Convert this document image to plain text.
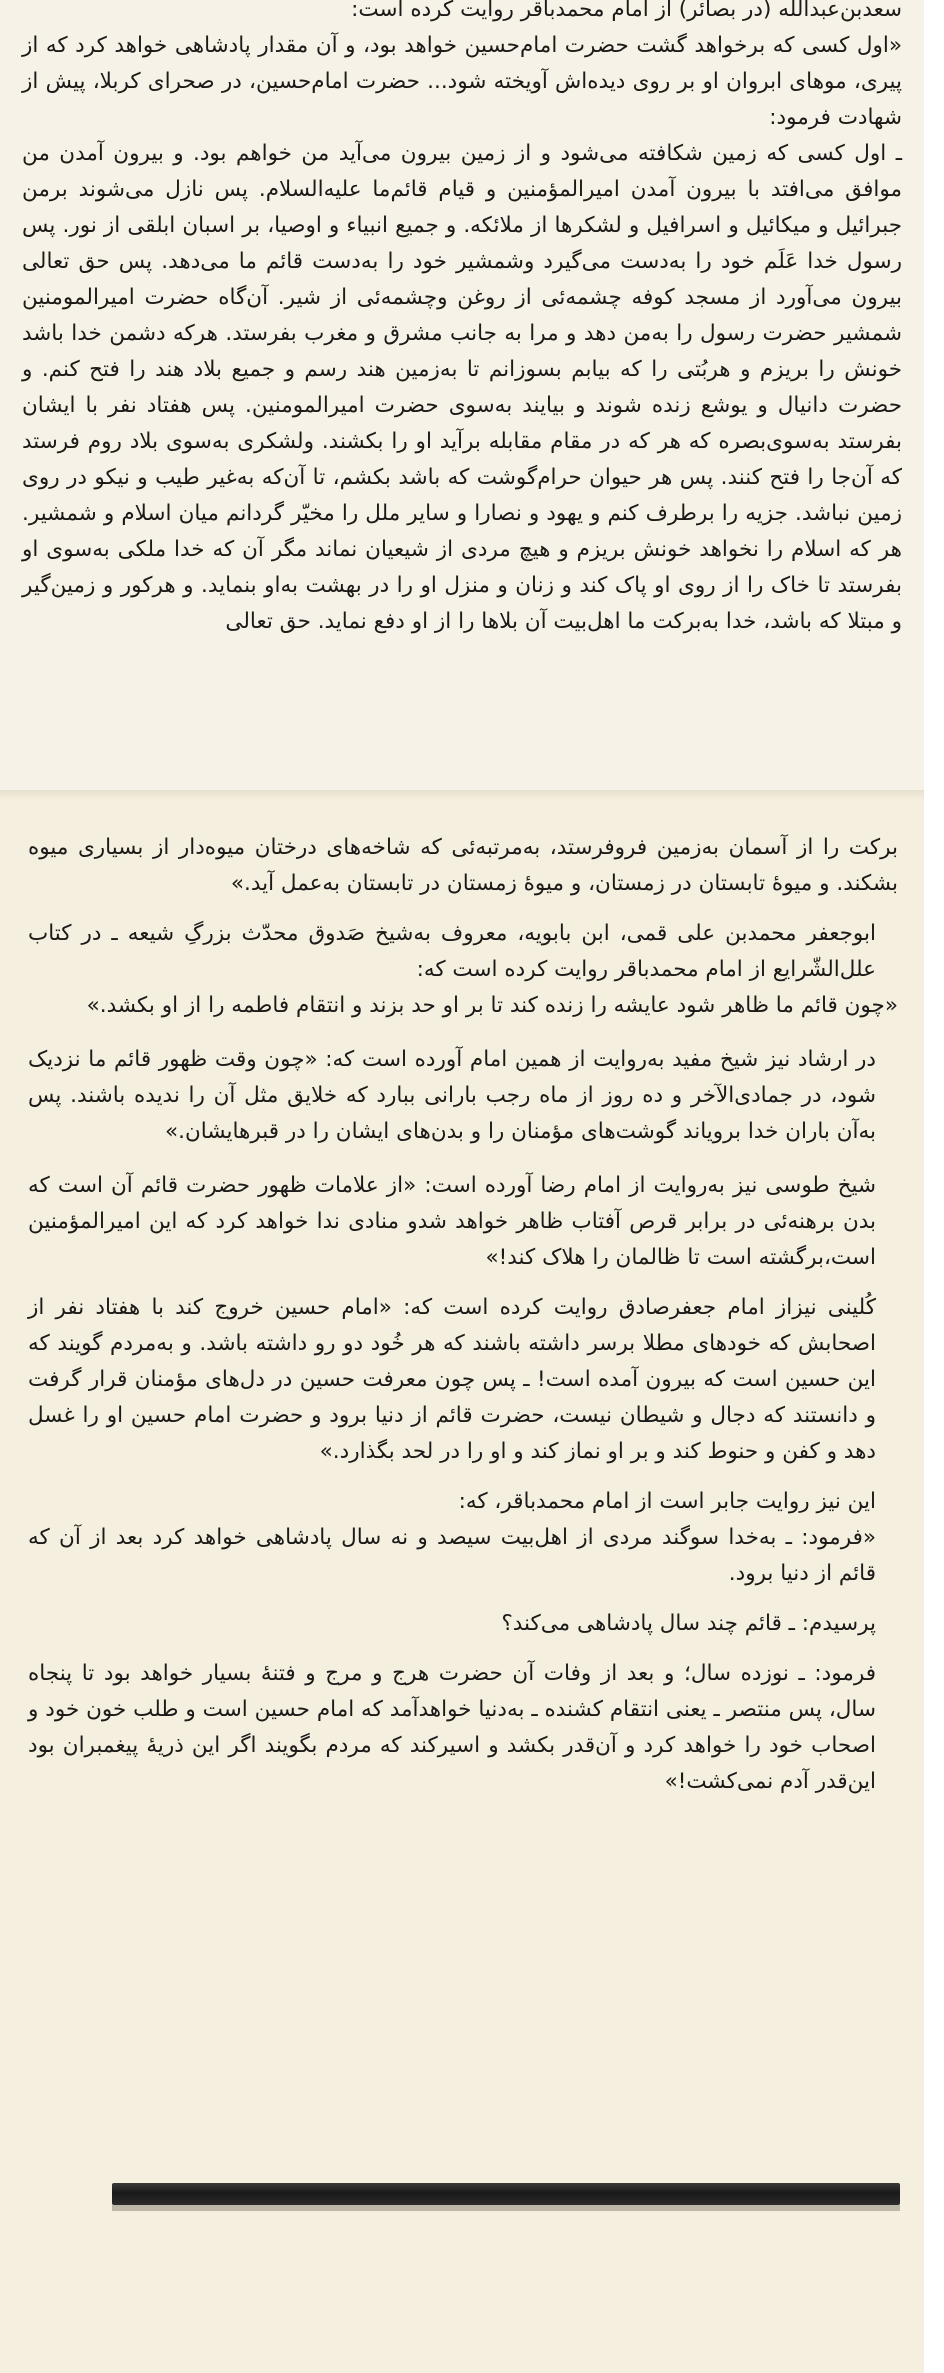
سعدبن‌عبدالله (در بصائر) از امام محمدباقر روایت کرده است:

«اول کسی که برخواهد گشت حضرت امام‌حسین خواهد بود، و آن مقدار پادشاهی خواهد کرد که از پیری، موهای ابروان او بر روی دیده‌اش آویخته شود... حضرت امام‌حسین، در صحرای کربلا، پیش از شهادت فرمود:

ـ اول کسی که زمین شکافته می‌شود و از زمین بیرون می‌آید من خواهم بود. و بیرون آمدن من موافق می‌افتد با بیرون آمدن امیرالمؤمنین و قیام قائم‌ما علیه‌السلام. پس نازل می‌شوند برمن جبرائیل و میکائیل و اسرافیل و لشکرها از ملائکه. و جمیع انبیاء و اوصیا، بر اسبان ابلقی از نور. پس رسول خدا عَلَم خود را به‌دست می‌گیرد وشمشیر خود را به‌دست قائم ما می‌دهد. پس حق تعالی بیرون می‌آورد از مسجد کوفه چشمه‌ئی از روغن وچشمه‌ئی از شیر. آن‌گاه حضرت امیرالمومنین شمشیر حضرت رسول را به‌من دهد و مرا به جانب مشرق و مغرب بفرستد. هرکه دشمن خدا باشد خونش را بریزم و هربُتی را که بیابم بسوزانم تا به‌زمین هند رسم و جمیع بلاد هند را فتح کنم. و حضرت دانیال و یوشع زنده شوند و بیایند به‌سوی حضرت امیرالمومنین. پس هفتاد نفر با ایشان بفرستد به‌سوی‌بصره که هر که در مقام مقابله برآید او را بکشند. ولشکری به‌سوی بلاد روم فرستد که آن‌جا را فتح کنند. پس هر حیوان حرام‌گوشت که باشد بکشم، تا آن‌که به‌غیر طیب و نیکو در روی زمین نباشد. جزیه را برطرف کنم و یهود و نصارا و سایر ملل را مخیّر گردانم میان اسلام و شمشیر. هر که اسلام را نخواهد خونش بریزم و هیچ مردی از شیعیان نماند مگر آن که خدا ملکی به‌سوی او بفرستد تا خاک را از روی او پاک کند و زنان و منزل او را در بهشت به‌او بنماید. و هرکور و زمین‌گیر و مبتلا که باشد، خدا به‌برکت ما اهل‌بیت آن بلاها را از او دفع نماید. حق تعالی

برکت را از آسمان به‌زمین فروفرستد، به‌مرتبه‌ئی که شاخه‌های درختان میوه‌دار از بسیاری میوه بشکند. و میوهٔ تابستان در زمستان، و میوهٔ زمستان در تابستان به‌عمل آید.»

ابوجعفر محمدبن علی قمی، ابن بابویه، معروف به‌شیخ صَدوق محدّث بزرگِ شیعه ـ در کتاب علل‌الشّرایع از امام محمدباقر روایت کرده است که:

«چون قائم ما ظاهر شود عایشه را زنده کند تا بر او حد بزند و انتقام فاطمه را از او بکشد.»

در ارشاد نیز شیخ مفید به‌روایت از همین امام آورده است که: «چون وقت ظهور قائم ما نزدیک شود، در جمادی‌الآخر و ده روز از ماه رجب بارانی ببارد که خلایق مثل آن را ندیده باشند. پس به‌آن باران خدا برویاند گوشت‌های مؤمنان را و بدن‌های ایشان را در قبرهایشان.»

شیخ طوسی نیز به‌روایت از امام رضا آورده است: «از علامات ظهور حضرت قائم آن است که بدن برهنه‌ئی در برابر قرص آفتاب ظاهر خواهد شدو منادی ندا خواهد کرد که این امیرالمؤمنین است،برگشته است تا ظالمان را هلاک کند!»

کُلینی نیزاز امام جعفرصادق روایت کرده است که: «امام حسین خروج کند با هفتاد نفر از اصحابش که خودهای مطلا برسر داشته باشند که هر خُود دو رو داشته باشد. و به‌مردم گویند که این حسین است که بیرون آمده است! ـ پس چون معرفت حسین در دل‌های مؤمنان قرار گرفت و دانستند که دجال و شیطان نیست، حضرت قائم از دنیا برود و حضرت امام حسین او را غسل دهد و کفن و حنوط کند و بر او نماز کند و او را در لحد بگذارد.»

این نیز روایت جابر است از امام محمدباقر، که:

«فرمود: ـ به‌خدا سوگند مردی از اهل‌بیت سیصد و نه سال پادشاهی خواهد کرد بعد از آن که قائم از دنیا برود.

پرسیدم: ـ قائم چند سال پادشاهی می‌کند؟

فرمود: ـ نوزده سال؛ و بعد از وفات آن حضرت هرج و مرج و فتنهٔ بسیار خواهد بود تا پنجاه سال، پس منتصر ـ یعنی انتقام کشنده ـ به‌دنیا خواهدآمد که امام حسین است و طلب خون خود و اصحاب خود را خواهد کرد و آن‌قدر بکشد و اسیرکند که مردم بگویند اگر این ذریهٔ پیغمبران بود این‌قدر آدم نمی‌کشت!»
